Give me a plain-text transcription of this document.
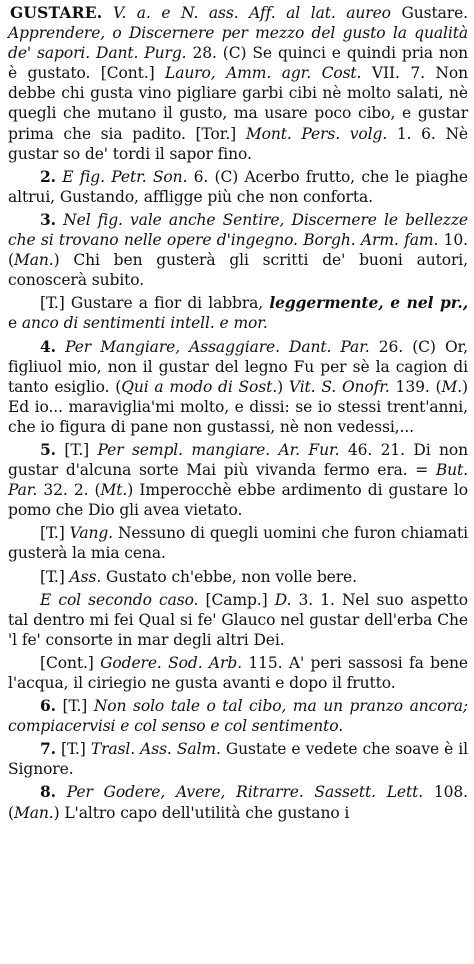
GUSTARE. V. a. e N. ass. Aff. al lat. aureo Gustare. Apprendere, o Discernere per mezzo del gusto la qualità de' sapori. Dant. Purg. 28. (C) Se quinci e quindi pria non è gustato. [Cont.] Lauro, Amm. agr. Cost. VII. 7. Non debbe chi gusta vino pigliare garbi cibi nè molto salati, nè quegli che mutano il gusto, ma usare poco cibo, e gustar prima che sia padito. [Tor.] Mont. Pers. volg. 1. 6. Nè gustar so de' tordi il sapor fino.

2. E fig. Petr. Son. 6. (C) Acerbo frutto, che le piaghe altrui, Gustando, affligge più che non conforta.

3. Nel fig. vale anche Sentire, Discernere le bellezze che si trovano nelle opere d'ingegno. Borgh. Arm. fam. 10. (Man.) Chi ben gusterà gli scritti de' buoni autori, conoscerà subito.

[T.] Gustare a fior di labbra, leggermente, e nel pr., e anco di sentimenti intell. e mor.

4. Per Mangiare, Assaggiare. Dant. Par. 26. (C) Or, figliuol mio, non il gustar del legno Fu per sè la cagion di tanto esiglio. (Qui a modo di Sost.) Vit. S. Onofr. 139. (M.) Ed io... maraviglia'mi molto, e dissi: se io stessi trent'anni, che io figura di pane non gustassi, nè non vedessi,...

5. [T.] Per sempl. mangiare. Ar. Fur. 46. 21. Di non gustar d'alcuna sorte Mai più vivanda fermo era. = But. Par. 32. 2. (Mt.) Imperocchè ebbe ardimento di gustare lo pomo che Dio gli avea vietato.

[T.] Vang. Nessuno di quegli uomini che furon chiamati gusterà la mia cena.

[T.] Ass. Gustato ch'ebbe, non volle bere.

E col secondo caso. [Camp.] D. 3. 1. Nel suo aspetto tal dentro mi fei Qual si fe' Glauco nel gustar dell'erba Che 'l fe' consorte in mar degli altri Dei.

[Cont.] Godere. Sod. Arb. 115. A' peri sassosi fa bene l'acqua, il ciriegio ne gusta avanti e dopo il frutto.

6. [T.] Non solo tale o tal cibo, ma un pranzo ancora; compiacervisi e col senso e col sentimento.

7. [T.] Trasl. Ass. Salm. Gustate e vedete che soave è il Signore.

8. Per Godere, Avere, Ritrarre. Sassett. Lett. 108. (Man.) L'altro capo dell'utilità che gustano i
